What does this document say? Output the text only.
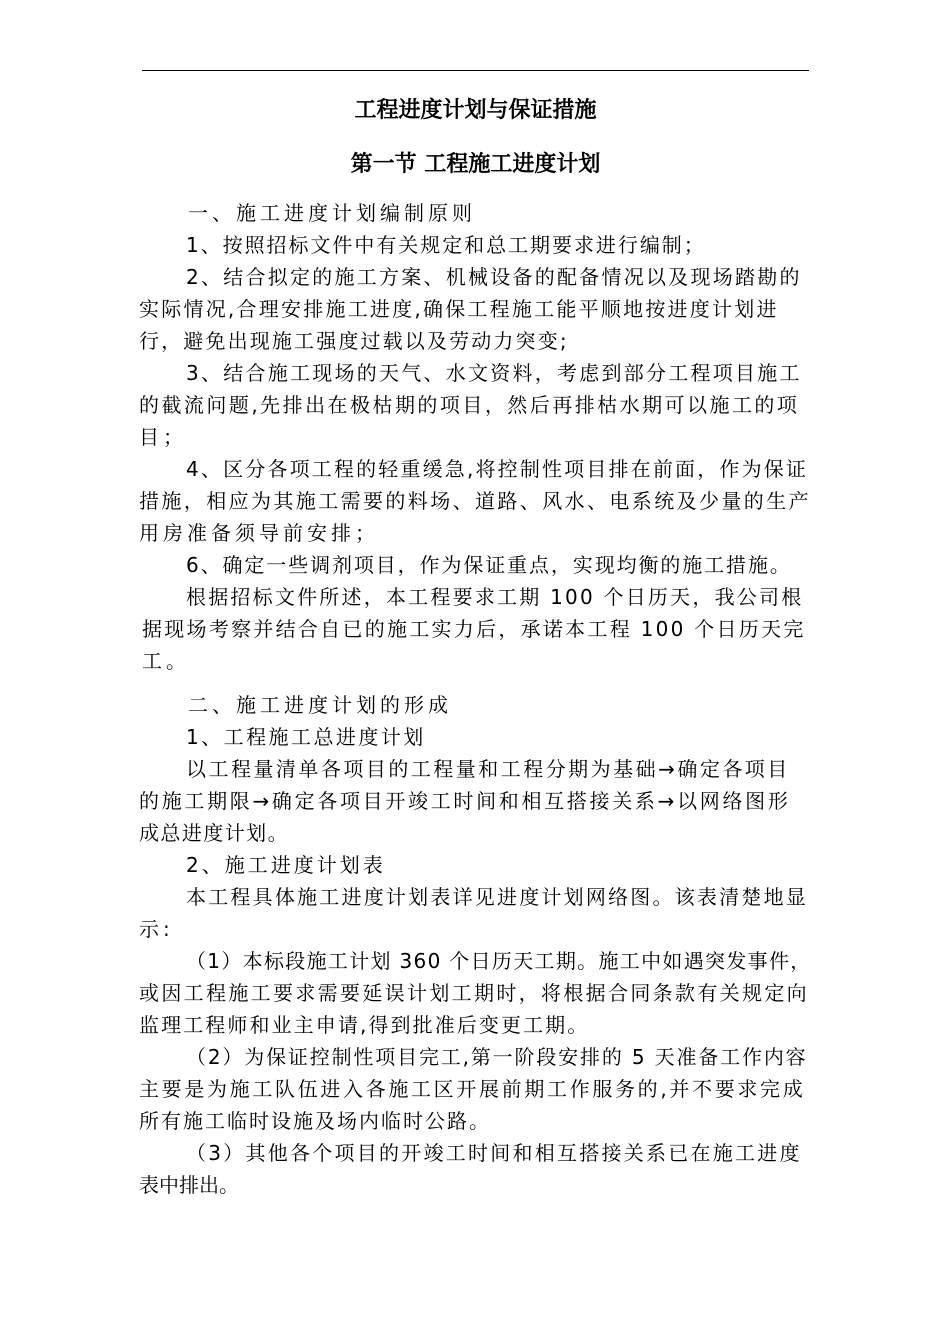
工程进度计划与保证措施
第一节 工程施工进度计划
一、施工进度计划编制原则
1、按照招标文件中有关规定和总工期要求进行编制；
2、结合拟定的施工方案、机械设备的配备情况以及现场踏勘的
实际情况,合理安排施工进度,确保工程施工能平顺地按进度计划进
行，避免出现施工强度过载以及劳动力突变;
3、结合施工现场的天气、水文资料，考虑到部分工程项目施工
的截流问题,先排出在极枯期的项目，然后再排枯水期可以施工的项
目；
4、区分各项工程的轻重缓急,将控制性项目排在前面，作为保证
措施，相应为其施工需要的料场、道路、风水、电系统及少量的生产
用房准备须导前安排；
6、确定一些调剂项目，作为保证重点，实现均衡的施工措施。
根据招标文件所述，本工程要求工期 100 个日历天，我公司根
据现场考察并结合自已的施工实力后，承诺本工程 100 个日历天完
工。
二、施工进度计划的形成
1、工程施工总进度计划
以工程量清单各项目的工程量和工程分期为基础→确定各项目
的施工期限→确定各项目开竣工时间和相互搭接关系→以网络图形
成总进度计划。
2、施工进度计划表
本工程具体施工进度计划表详见进度计划网络图。该表清楚地显
示:
（1）本标段施工计划 360 个日历天工期。施工中如遇突发事件，
或因工程施工要求需要延误计划工期时，将根据合同条款有关规定向
监理工程师和业主申请,得到批准后变更工期。
（2）为保证控制性项目完工,第一阶段安排的 5 天准备工作内容
主要是为施工队伍进入各施工区开展前期工作服务的,并不要求完成
所有施工临时设施及场内临时公路。
（3）其他各个项目的开竣工时间和相互搭接关系已在施工进度
表中排出。
